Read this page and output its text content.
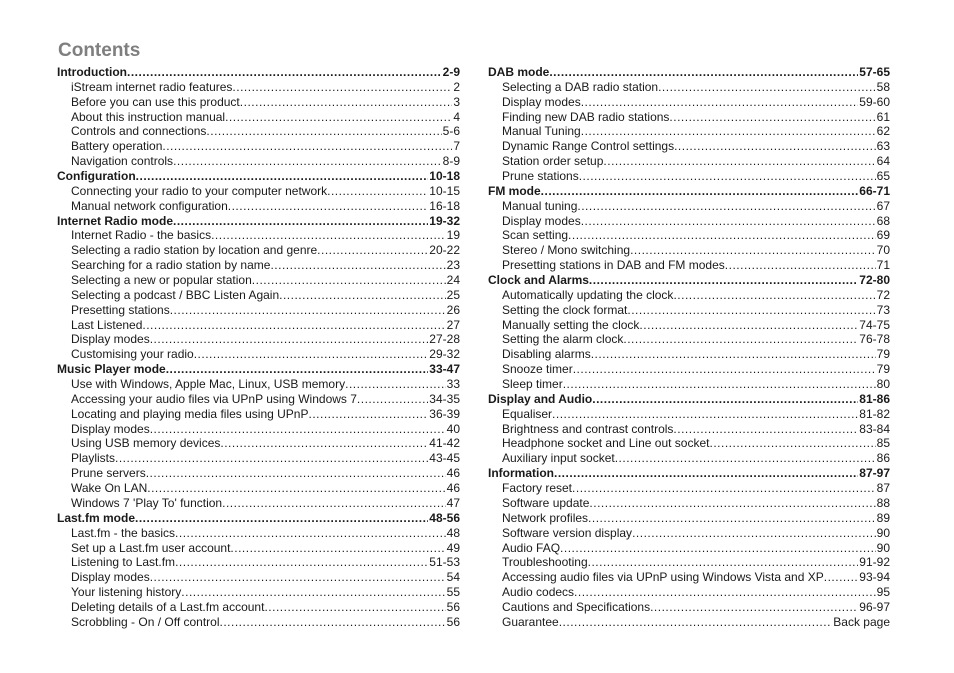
Contents
Introduction .....	2-9
iStream internet radio features .....	2
Before you can use this product .....	3
About this instruction manual .....	4
Controls and connections .....	5-6
Battery operation .....	7
Navigation controls .....	8-9
Configuration .....	10-18
Connecting your radio to your computer network .....	10-15
Manual network configuration .....	16-18
Internet Radio mode .....	19-32
Internet Radio - the basics .....	19
Selecting a radio station by location and genre .....	20-22
Searching for a radio station by name .....	23
Selecting a new or popular station .....	24
Selecting a podcast / BBC Listen Again .....	25
Presetting stations .....	26
Last Listened .....	27
Display modes .....	27-28
Customising your radio .....	29-32
Music Player mode .....	33-47
Use with Windows, Apple Mac, Linux, USB memory .....	33
Accessing your audio files via UPnP using Windows 7 .....	34-35
Locating and playing media files using UPnP .....	36-39
Display modes .....	40
Using USB memory devices .....	41-42
Playlists .....	43-45
Prune servers .....	46
Wake On LAN .....	46
Windows 7 'Play To' function .....	47
Last.fm mode .....	48-56
Last.fm - the basics .....	48
Set up a Last.fm user account .....	49
Listening to Last.fm .....	51-53
Display modes .....	54
Your listening history .....	55
Deleting details of a Last.fm account .....	56
Scrobbling - On / Off control .....	56
DAB mode .....	57-65
Selecting a DAB radio station .....	58
Display modes .....	59-60
Finding new DAB radio stations .....	61
Manual Tuning .....	62
Dynamic Range Control settings .....	63
Station order setup .....	64
Prune stations .....	65
FM mode .....	66-71
Manual tuning .....	67
Display modes .....	68
Scan setting .....	69
Stereo / Mono switching .....	70
Presetting stations in DAB and FM modes .....	71
Clock and Alarms .....	72-80
Automatically updating the clock .....	72
Setting the clock format .....	73
Manually setting the clock .....	74-75
Setting the alarm clock .....	76-78
Disabling alarms .....	79
Snooze timer .....	79
Sleep timer .....	80
Display and Audio .....	81-86
Equaliser .....	81-82
Brightness and contrast controls .....	83-84
Headphone socket and Line out socket .....	85
Auxiliary input socket .....	86
Information .....	87-97
Factory reset .....	87
Software update .....	88
Network profiles .....	89
Software version display .....	90
Audio FAQ .....	90
Troubleshooting .....	91-92
Accessing audio files via UPnP using Windows Vista and XP .....	93-94
Audio codecs .....	95
Cautions and Specifications .....	96-97
Guarantee .....	Back page
